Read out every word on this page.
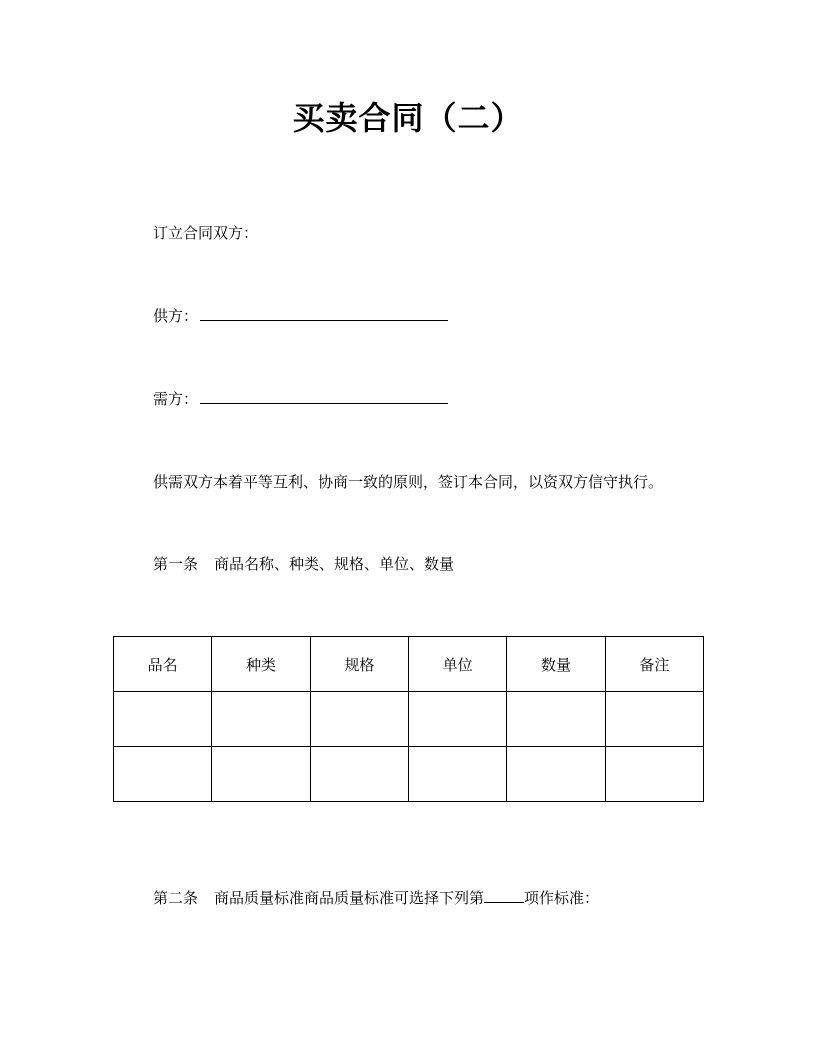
买卖合同（二）
订立合同双方：
供方：
需方：
供需双方本着平等互利、协商一致的原则，签订本合同，以资双方信守执行。
第一条 商品名称、种类、规格、单位、数量
品名	种类	规格	单位	数量	备注

第二条 商品质量标准商品质量标准可选择下列第	项作标准：
